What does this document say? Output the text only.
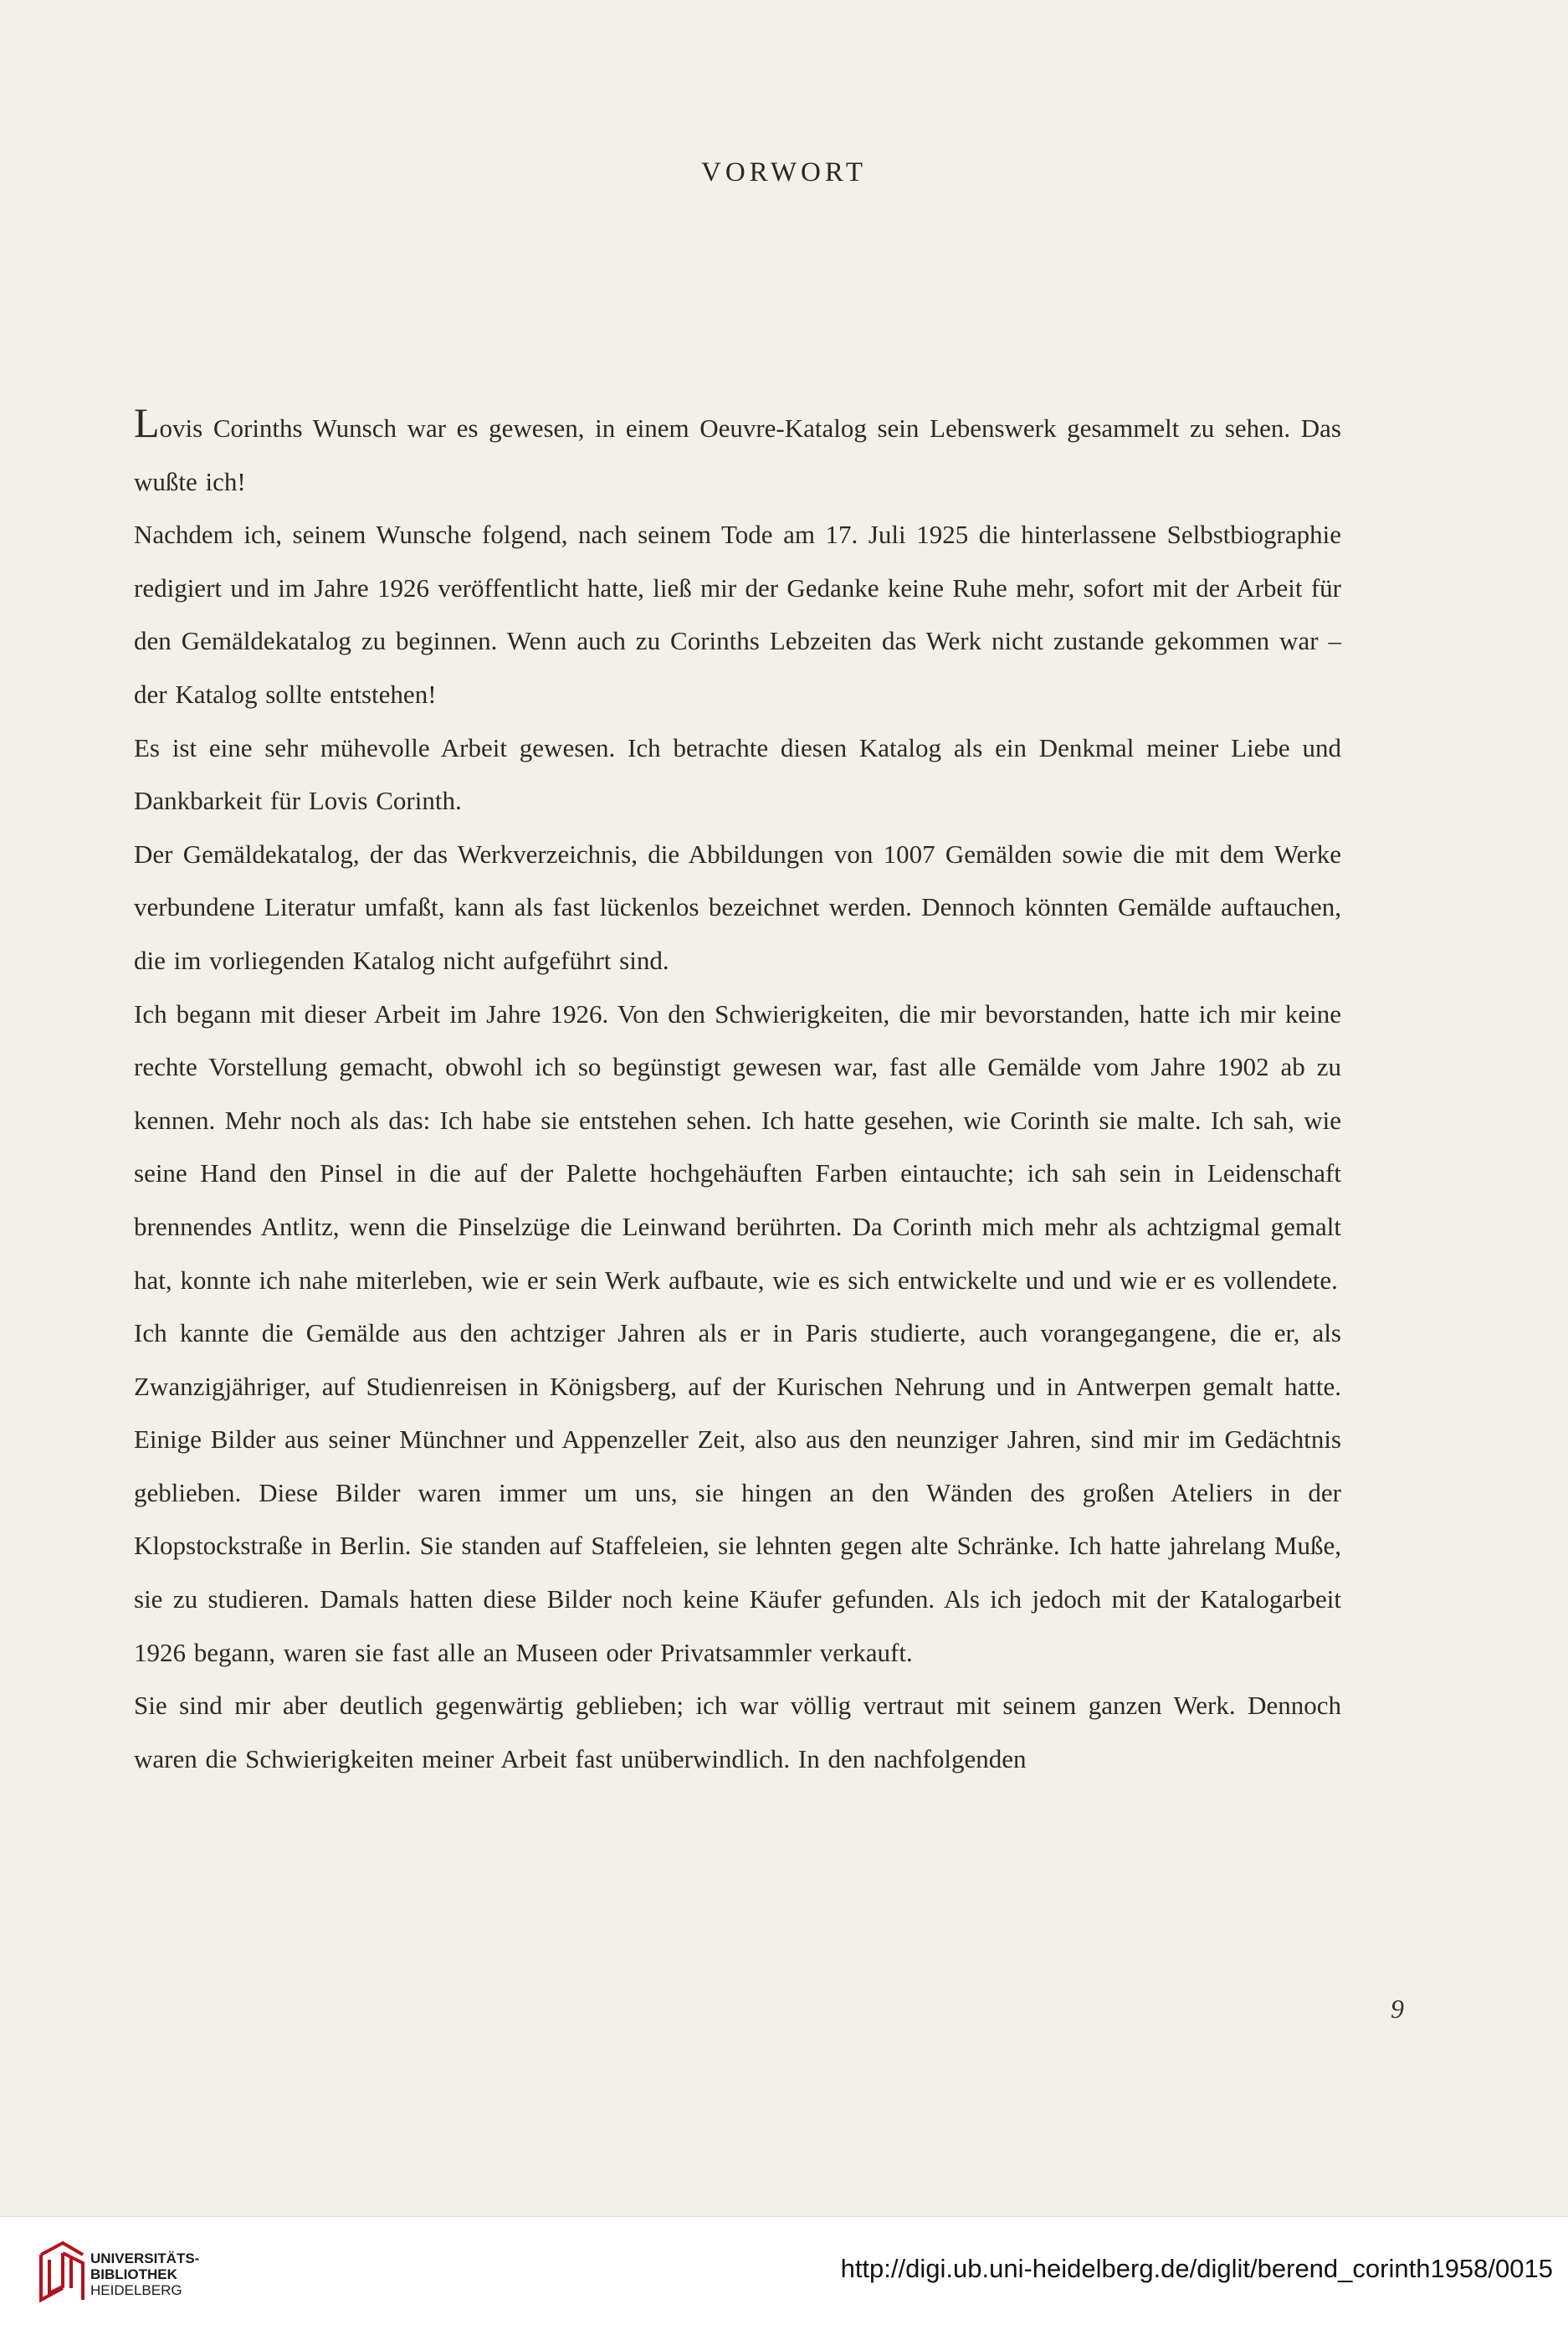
VORWORT

Lovis Corinths Wunsch war es gewesen, in einem Oeuvre-Katalog sein Lebenswerk gesammelt zu sehen. Das wußte ich!

Nachdem ich, seinem Wunsche folgend, nach seinem Tode am 17. Juli 1925 die hinterlassene Selbstbiographie redigiert und im Jahre 1926 veröffentlicht hatte, ließ mir der Gedanke keine Ruhe mehr, sofort mit der Arbeit für den Gemäldekatalog zu beginnen. Wenn auch zu Corinths Lebzeiten das Werk nicht zustande gekommen war – der Katalog sollte entstehen!

Es ist eine sehr mühevolle Arbeit gewesen. Ich betrachte diesen Katalog als ein Denkmal meiner Liebe und Dankbarkeit für Lovis Corinth.

Der Gemäldekatalog, der das Werkverzeichnis, die Abbildungen von 1007 Gemälden sowie die mit dem Werke verbundene Literatur umfaßt, kann als fast lückenlos bezeichnet werden. Dennoch könnten Gemälde auftauchen, die im vorliegenden Katalog nicht aufgeführt sind.

Ich begann mit dieser Arbeit im Jahre 1926. Von den Schwierigkeiten, die mir bevorstanden, hatte ich mir keine rechte Vorstellung gemacht, obwohl ich so begünstigt gewesen war, fast alle Gemälde vom Jahre 1902 ab zu kennen. Mehr noch als das: Ich habe sie entstehen sehen. Ich hatte gesehen, wie Corinth sie malte. Ich sah, wie seine Hand den Pinsel in die auf der Palette hochgehäuften Farben eintauchte; ich sah sein in Leidenschaft brennendes Antlitz, wenn die Pinselzüge die Leinwand berührten. Da Corinth mich mehr als achtzigmal gemalt hat, konnte ich nahe miterleben, wie er sein Werk aufbaute, wie es sich entwickelte und und wie er es vollendete.

Ich kannte die Gemälde aus den achtziger Jahren als er in Paris studierte, auch vorangegangene, die er, als Zwanzigjähriger, auf Studienreisen in Königsberg, auf der Kurischen Nehrung und in Antwerpen gemalt hatte. Einige Bilder aus seiner Münchner und Appenzeller Zeit, also aus den neunziger Jahren, sind mir im Gedächtnis geblieben. Diese Bilder waren immer um uns, sie hingen an den Wänden des großen Ateliers in der Klopstockstraße in Berlin. Sie standen auf Staffeleien, sie lehnten gegen alte Schränke. Ich hatte jahrelang Muße, sie zu studieren. Damals hatten diese Bilder noch keine Käufer gefunden. Als ich jedoch mit der Katalogarbeit 1926 begann, waren sie fast alle an Museen oder Privatsammler verkauft.

Sie sind mir aber deutlich gegenwärtig geblieben; ich war völlig vertraut mit seinem ganzen Werk. Dennoch waren die Schwierigkeiten meiner Arbeit fast unüberwindlich. In den nachfolgenden

9
UNIVERSITÄTS-
BIBLIOTHEK
HEIDELBERG
http://digi.ub.uni-heidelberg.de/diglit/berend_corinth1958/0015
